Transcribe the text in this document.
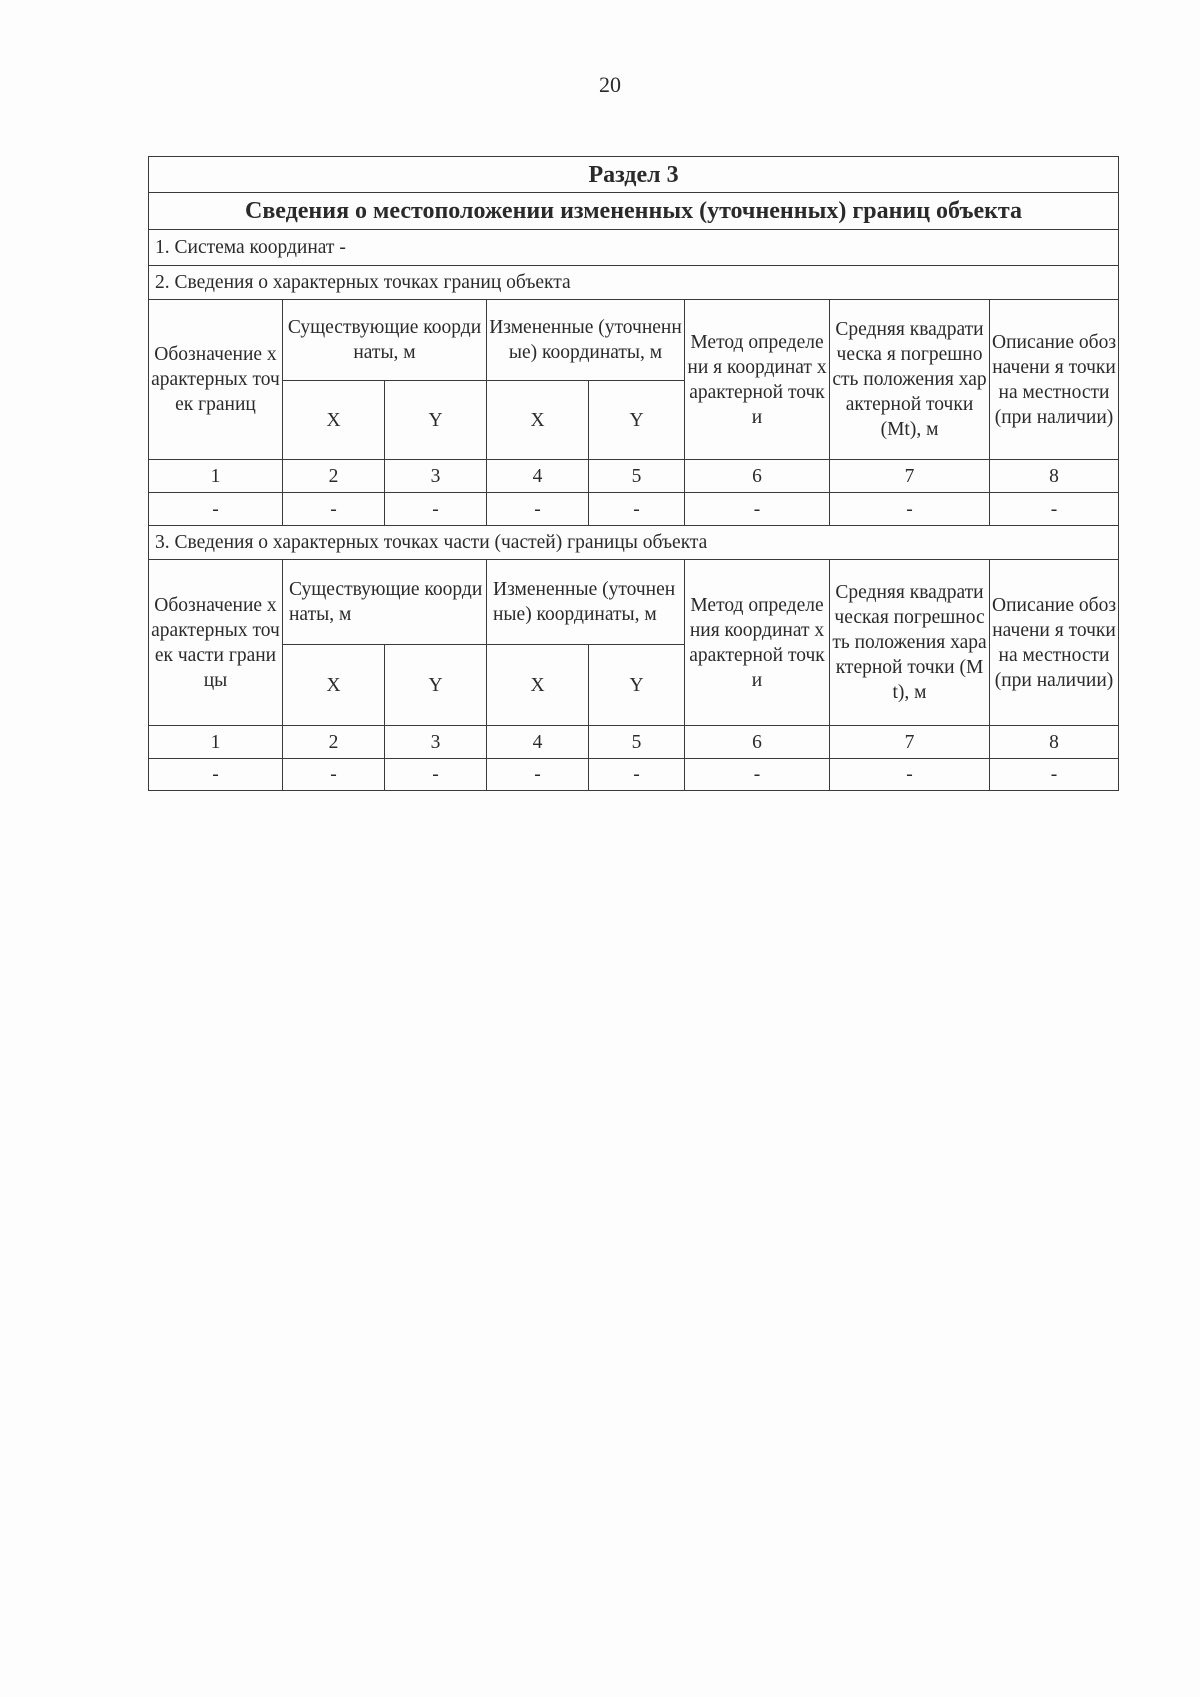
20
Раздел 3							
Сведения о местоположении измененных (уточненных) границ объекта							
1. Система координат -							
2. Сведения о характерных точках границ объекта							
Обозначение характерных точек границ	Существующие координаты, м		Измененные (уточненные) координаты, м		Метод определени я координат характерной точки	Средняя квадратическа я погрешность положения характерной точки (Mt), м	Описание обозначени я точки на местности (при наличии)
	X	Y	X	Y			
1	2	3	4	5	6	7	8
-	-	-	-	-	-	-	-
3. Сведения о характерных точках части (частей) границы объекта							
Обозначение характерных точек части границы	Существующие координаты, м		Измененные (уточненные) координаты, м		Метод определения координат характерной точки	Средняя квадратическая погрешность положения характерной точки (Mt), м	Описание обозначени я точки на местности (при наличии)
	X	Y	X	Y			
1	2	3	4	5	6	7	8
-	-	-	-	-	-	-	-
